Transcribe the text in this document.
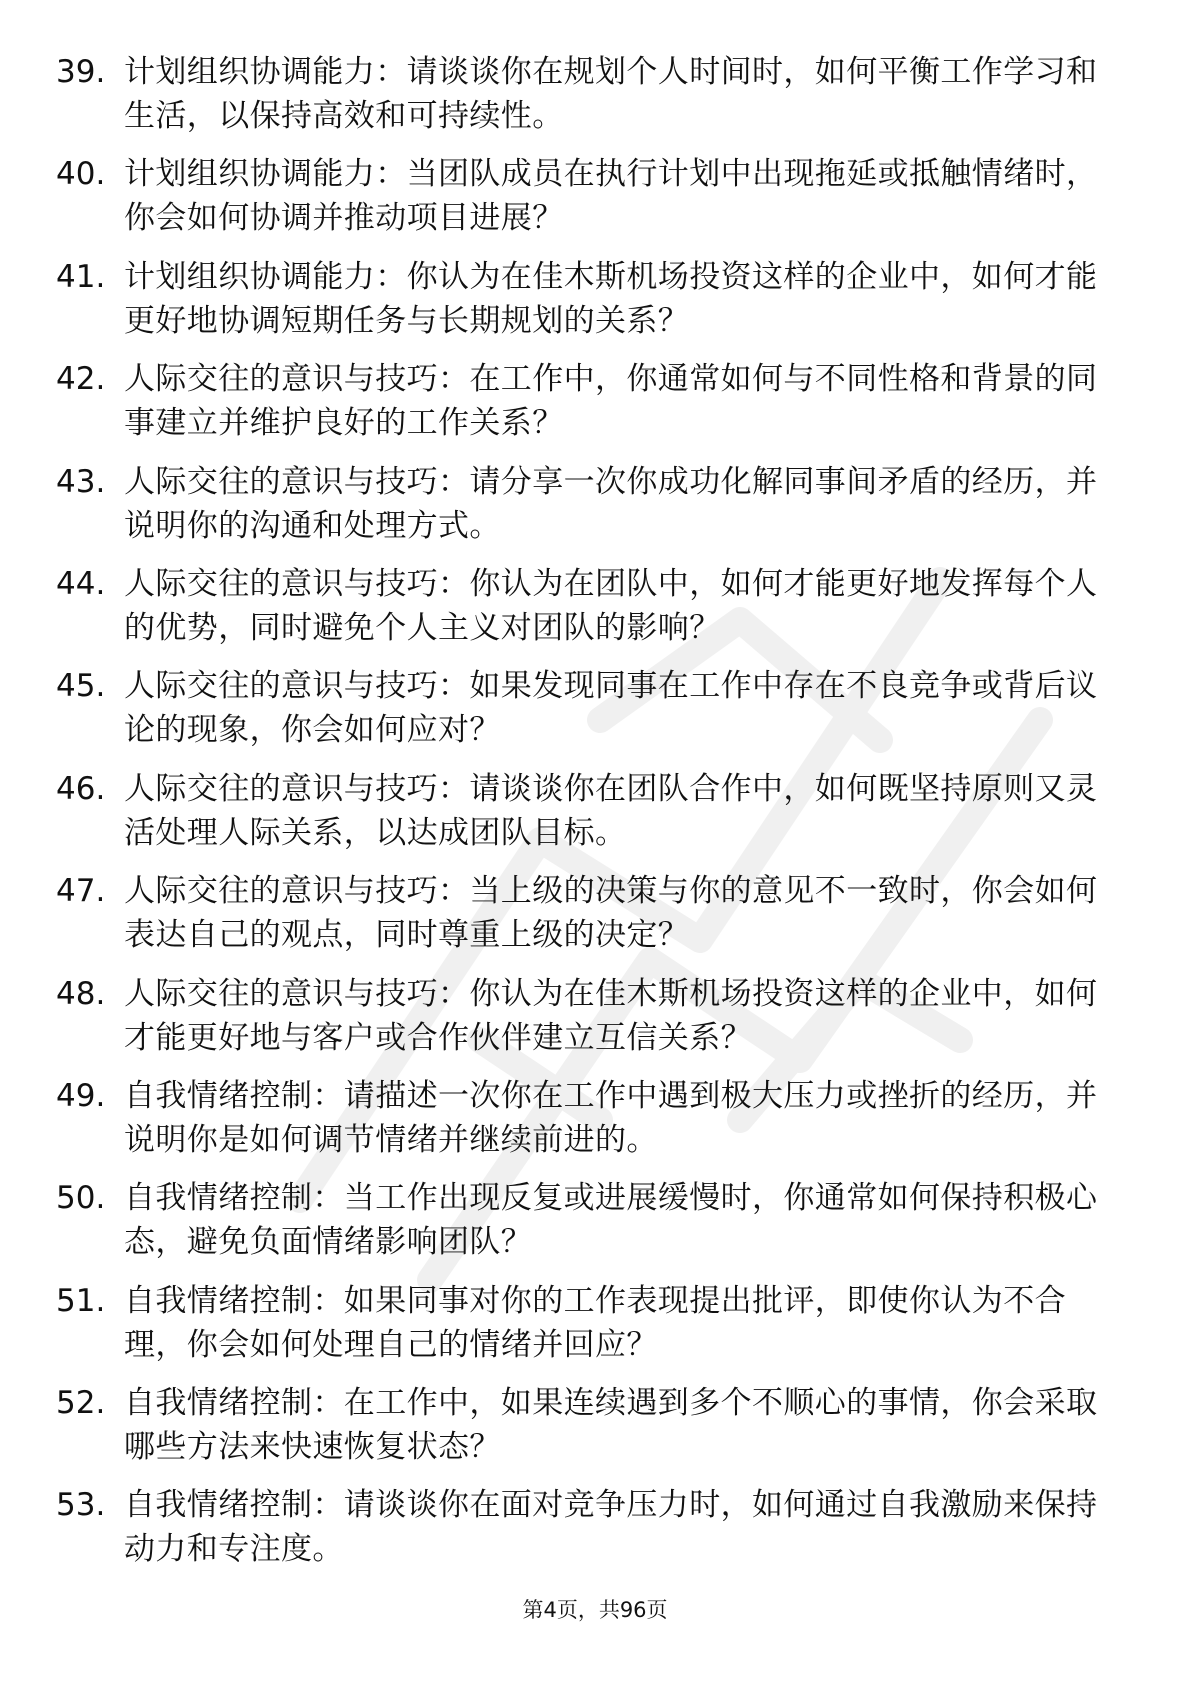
39. 计划组织协调能力：请谈谈你在规划个人时间时，如何平衡工作学习和生活，以保持高效和可持续性。
40. 计划组织协调能力：当团队成员在执行计划中出现拖延或抵触情绪时，你会如何协调并推动项目进展？
41. 计划组织协调能力：你认为在佳木斯机场投资这样的企业中，如何才能更好地协调短期任务与长期规划的关系？
42. 人际交往的意识与技巧：在工作中，你通常如何与不同性格和背景的同事建立并维护良好的工作关系？
43. 人际交往的意识与技巧：请分享一次你成功化解同事间矛盾的经历，并说明你的沟通和处理方式。
44. 人际交往的意识与技巧：你认为在团队中，如何才能更好地发挥每个人的优势，同时避免个人主义对团队的影响？
45. 人际交往的意识与技巧：如果发现同事在工作中存在不良竞争或背后议论的现象，你会如何应对？
46. 人际交往的意识与技巧：请谈谈你在团队合作中，如何既坚持原则又灵活处理人际关系，以达成团队目标。
47. 人际交往的意识与技巧：当上级的决策与你的意见不一致时，你会如何表达自己的观点，同时尊重上级的决定？
48. 人际交往的意识与技巧：你认为在佳木斯机场投资这样的企业中，如何才能更好地与客户或合作伙伴建立互信关系？
49. 自我情绪控制：请描述一次你在工作中遇到极大压力或挫折的经历，并说明你是如何调节情绪并继续前进的。
50. 自我情绪控制：当工作出现反复或进展缓慢时，你通常如何保持积极心态，避免负面情绪影响团队？
51. 自我情绪控制：如果同事对你的工作表现提出批评，即使你认为不合理，你会如何处理自己的情绪并回应？
52. 自我情绪控制：在工作中，如果连续遇到多个不顺心的事情，你会采取哪些方法来快速恢复状态？
53. 自我情绪控制：请谈谈你在面对竞争压力时，如何通过自我激励来保持动力和专注度。
第4页，共96页
